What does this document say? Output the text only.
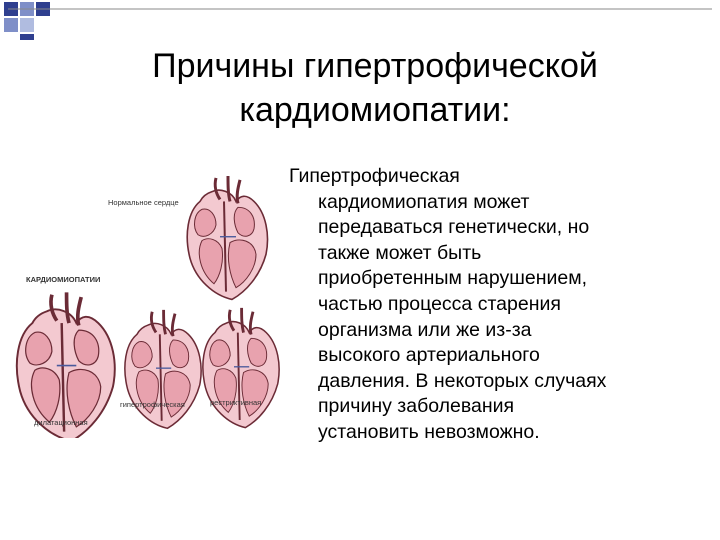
Причины гипертрофической
кардиомиопатии:
Нормальное сердце
КАРДИОМИОПАТИИ
дилатационная
гипертрофическая	рестриктивная
Гипертрофическая
кардиомиопатия может
передаваться генетически, но
также может быть
приобретенным нарушением,
частью процесса старения
организма или же из-за
высокого артериального
давления. В некоторых случаях
причину заболевания
установить невозможно.
